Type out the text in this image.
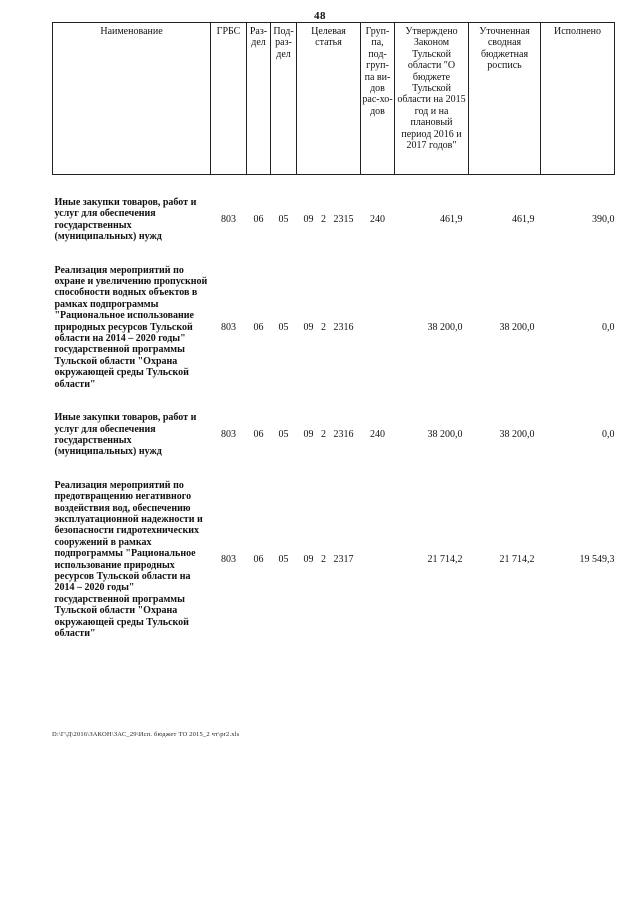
48
Наименование	ГРБС	Раз-дел	Под-раз-дел	Целевая статья	Груп-па, под-груп-па ви-дов рас-хо-дов	Утверждено Законом Тульской области "О бюджете Тульской области на 2015 год и на плановый период 2016 и 2017 годов"	Уточненная сводная бюджетная роспись	Исполнено

Иные закупки товаров, работ и услуг для обеспечения государственных (муниципальных) нужд	803	06	05	09 2 2315	240	461,9	461,9	390,0

Реализация мероприятий по охране и увеличению пропускной способности водных объектов в рамках подпрограммы "Рациональное использование природных ресурсов Тульской области на 2014 – 2020 годы" государственной программы Тульской области "Охрана окружающей среды Тульской области"	803	06	05	09 2 2316		38 200,0	38 200,0	0,0

Иные закупки товаров, работ и услуг для обеспечения государственных (муниципальных) нужд	803	06	05	09 2 2316	240	38 200,0	38 200,0	0,0

Реализация мероприятий по предотвращению негативного воздействия вод, обеспечению эксплуатационной надежности и безопасности гидротехнических сооружений в рамках подпрограммы "Рациональное использование природных ресурсов Тульской области на 2014 – 2020 годы" государственной программы Тульской области "Охрана окружающей среды Тульской области"	803	06	05	09 2 2317		21 714,2	21 714,2	19 549,3
D:\Г\Д\2016\ЗАКОН\ЗАС_29\Исп. бюджет ТО 2015_2 чт\pr2.xls
